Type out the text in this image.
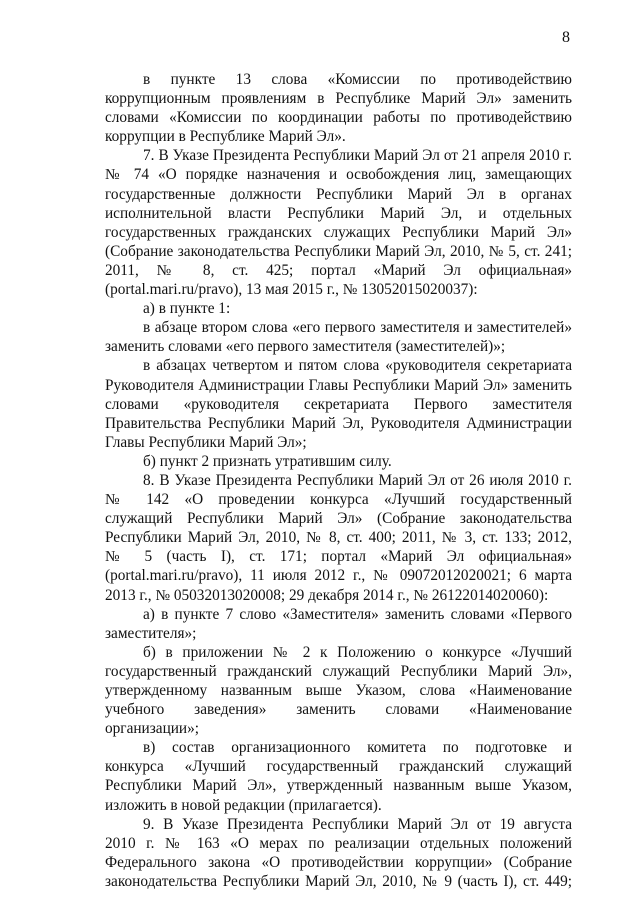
8
в пункте 13 слова «Комиссии по противодействию
коррупционным проявлениям в Республике Марий Эл» заменить
словами «Комиссии по координации работы по противодействию
коррупции в Республике Марий Эл».
7. В Указе Президента Республики Марий Эл от 21 апреля 2010 г.
№ 74 «О порядке назначения и освобождения лиц, замещающих
государственные должности Республики Марий Эл в органах
исполнительной власти Республики Марий Эл, и отдельных
государственных гражданских служащих Республики Марий Эл»
(Собрание законодательства Республики Марий Эл, 2010, № 5, ст. 241;
2011, № 8, ст. 425; портал «Марий Эл официальная»
(portal.mari.ru/pravo), 13 мая 2015 г., № 13052015020037):
а) в пункте 1:
в абзаце втором слова «его первого заместителя и заместителей»
заменить словами «его первого заместителя (заместителей)»;
в абзацах четвертом и пятом слова «руководителя секретариата
Руководителя Администрации Главы Республики Марий Эл» заменить
словами «руководителя секретариата Первого заместителя
Правительства Республики Марий Эл, Руководителя Администрации
Главы Республики Марий Эл»;
б) пункт 2 признать утратившим силу.
8. В Указе Президента Республики Марий Эл от 26 июля 2010 г.
№ 142 «О проведении конкурса «Лучший государственный
служащий Республики Марий Эл» (Собрание законодательства
Республики Марий Эл, 2010, № 8, ст. 400; 2011, № 3, ст. 133; 2012,
№ 5 (часть I), ст. 171; портал «Марий Эл официальная»
(portal.mari.ru/pravo), 11 июля 2012 г., № 09072012020021; 6 марта
2013 г., № 05032013020008; 29 декабря 2014 г., № 26122014020060):
а) в пункте 7 слово «Заместителя» заменить словами «Первого
заместителя»;
б) в приложении № 2 к Положению о конкурсе «Лучший
государственный гражданский служащий Республики Марий Эл»,
утвержденному названным выше Указом, слова «Наименование
учебного заведения» заменить словами «Наименование
организации»;
в) состав организационного комитета по подготовке и
конкурса «Лучший государственный гражданский служащий
Республики Марий Эл», утвержденный названным выше Указом,
изложить в новой редакции (прилагается).
9. В Указе Президента Республики Марий Эл от 19 августа
2010 г. № 163 «О мерах по реализации отдельных положений
Федерального закона «О противодействии коррупции» (Собрание
законодательства Республики Марий Эл, 2010, № 9 (часть I), ст. 449;
